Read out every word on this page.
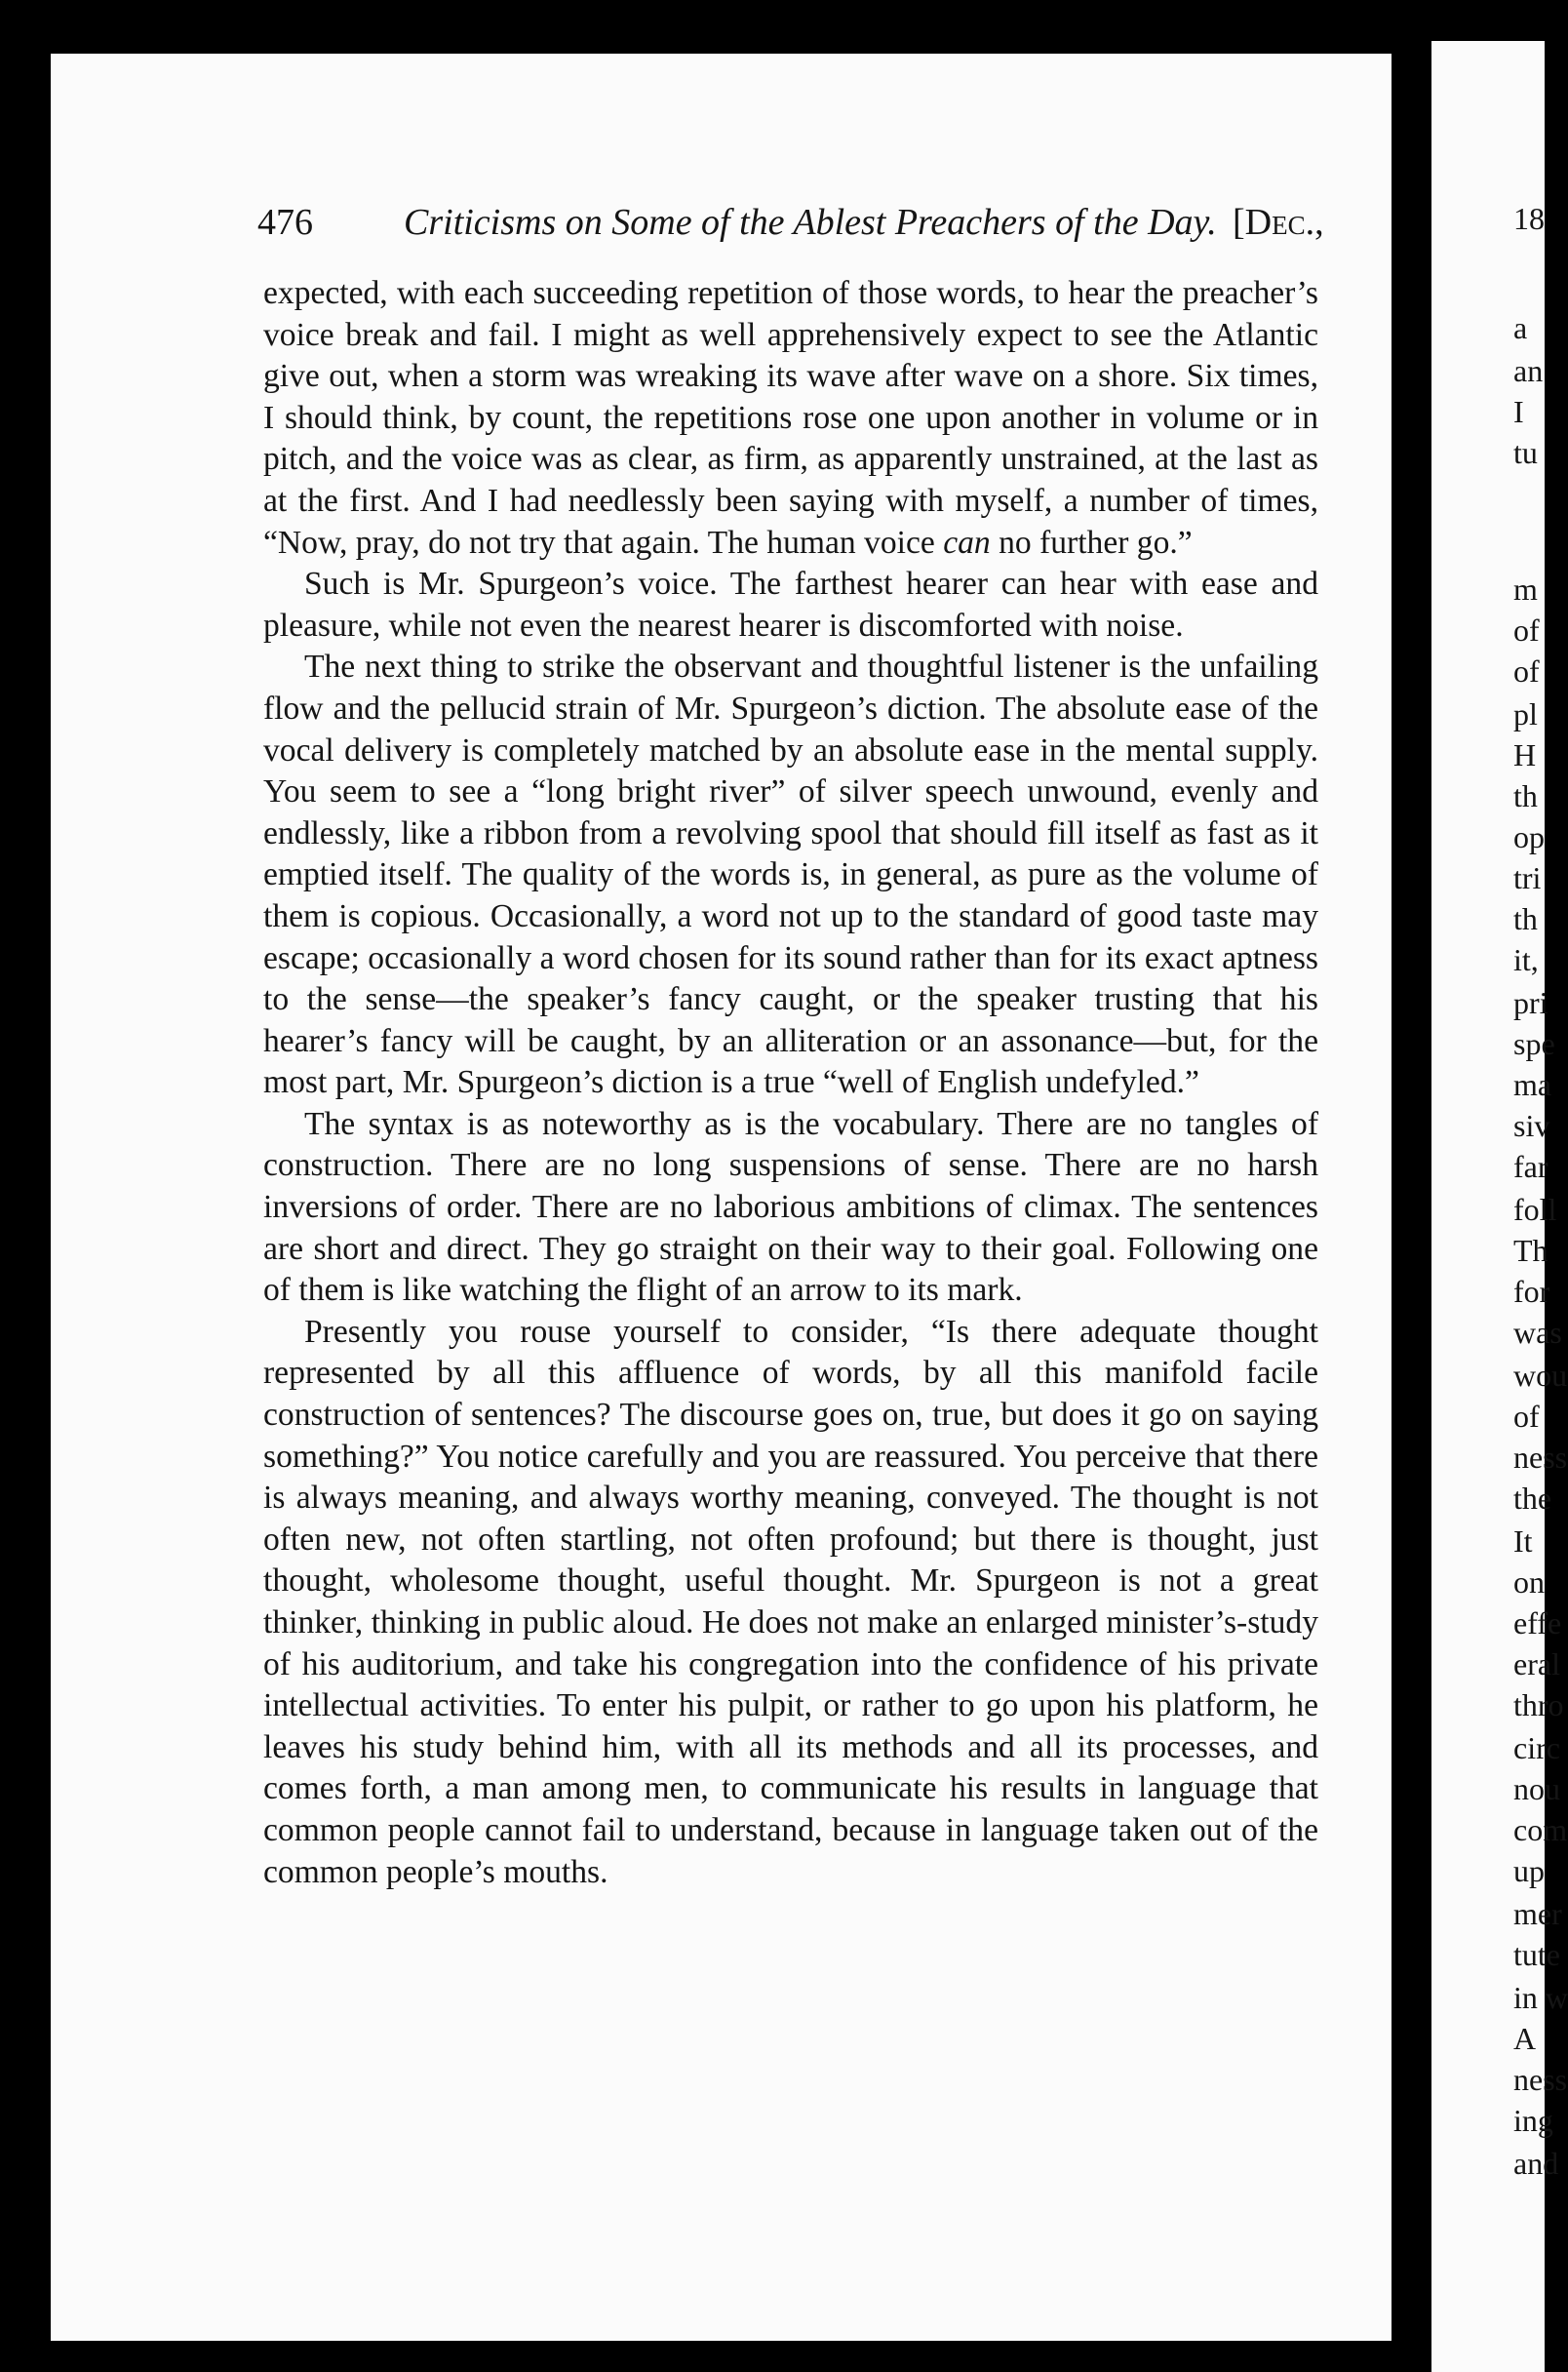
476 Criticisms on Some of the Ablest Preachers of the Day. [Dec.,

expected, with each succeeding repetition of those words, to hear the preacher’s voice break and fail. I might as well apprehensively expect to see the Atlantic give out, when a storm was wreaking its wave after wave on a shore. Six times, I should think, by count, the repetitions rose one upon another in volume or in pitch, and the voice was as clear, as firm, as apparently unstrained, at the last as at the first. And I had needlessly been saying with myself, a number of times, “Now, pray, do not try that again. The human voice can no further go.”

Such is Mr. Spurgeon’s voice. The farthest hearer can hear with ease and pleasure, while not even the nearest hearer is discomforted with noise.

The next thing to strike the observant and thoughtful listener is the unfailing flow and the pellucid strain of Mr. Spurgeon’s diction. The absolute ease of the vocal delivery is completely matched by an absolute ease in the mental supply. You seem to see a “long bright river” of silver speech unwound, evenly and endlessly, like a ribbon from a revolving spool that should fill itself as fast as it emptied itself. The quality of the words is, in general, as pure as the volume of them is copious. Occasionally, a word not up to the standard of good taste may escape; occasionally a word chosen for its sound rather than for its exact aptness to the sense—the speaker’s fancy caught, or the speaker trusting that his hearer’s fancy will be caught, by an alliteration or an assonance—but, for the most part, Mr. Spurgeon’s diction is a true “well of English undefyled.”

The syntax is as noteworthy as is the vocabulary. There are no tangles of construction. There are no long suspensions of sense. There are no harsh inversions of order. There are no laborious ambitions of climax. The sentences are short and direct. They go straight on their way to their goal. Following one of them is like watching the flight of an arrow to its mark.

Presently you rouse yourself to consider, “Is there adequate thought represented by all this affluence of words, by all this manifold facile construction of sentences? The discourse goes on, true, but does it go on saying something?” You notice carefully and you are reassured. You perceive that there is always meaning, and always worthy meaning, conveyed. The thought is not often new, not often startling, not often profound; but there is thought, just thought, wholesome thought, useful thought. Mr. Spurgeon is not a great thinker, thinking in public aloud. He does not make an enlarged minister’s-study of his auditorium, and take his congregation into the confidence of his private intellectual activities. To enter his pulpit, or rather to go upon his platform, he leaves his study behind him, with all its methods and all its processes, and comes forth, a man among men, to communicate his results in language that common people cannot fail to understand, because in language taken out of the common people’s mouths.

18
a
an
I
tu
m
of
of
pl
H
th
op
tri
th
it,
pri
spe
ma
siv
far
foll
Th
for
was
wou
of
ness
the
It
on
effe
eral
thro
circ
nou
com
up
mer
tute
in w
A
ness
ing
and
